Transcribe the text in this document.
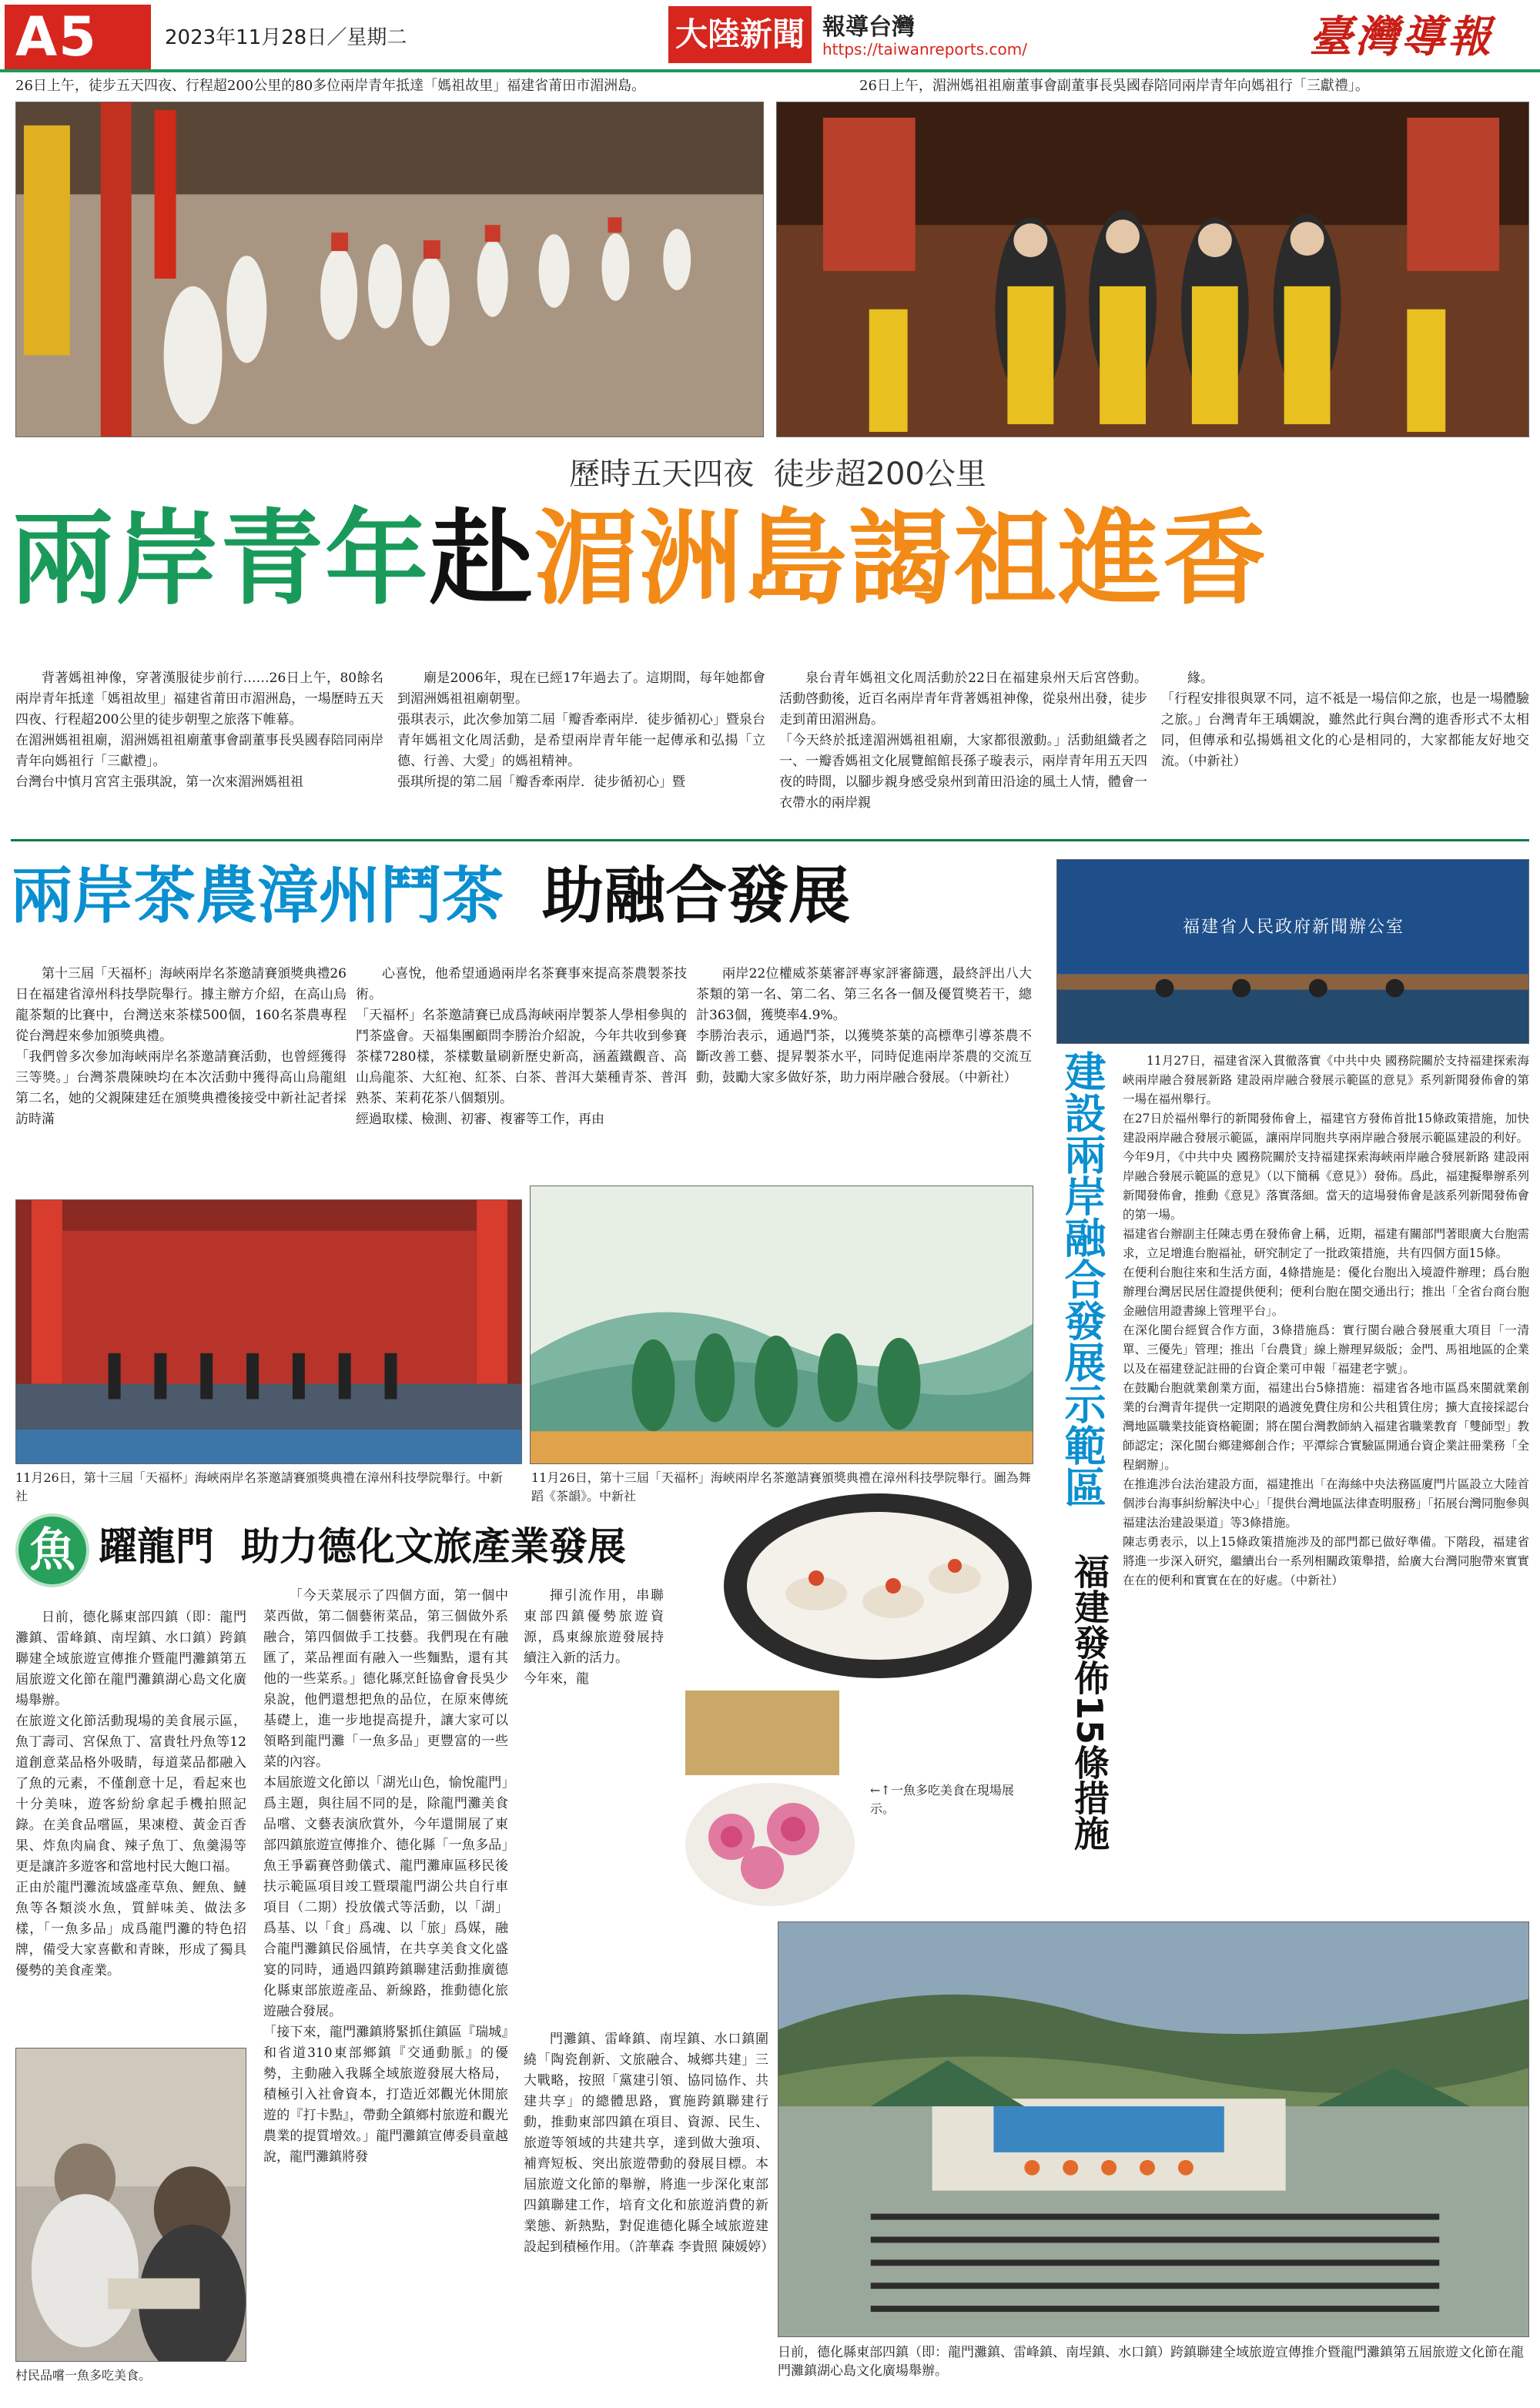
A5	2023年11月28日／星期二	大陸新聞 報導台灣
https://taiwanreports.com/	臺灣導報
26日上午，徒步五天四夜、行程超200公里的80多位兩岸青年抵達「媽祖故里」福建省莆田市湄洲島。	26日上午，湄洲媽祖祖廟董事會副董事長吳國春陪同兩岸青年向媽祖行「三獻禮」。
歷時五天四夜  徒步超200公里
兩岸青年赴湄洲島謁祖進香
背著媽祖神像，穿著漢服徒步前行……26日上午，80餘名兩岸青年抵達「媽祖故里」福建省莆田市湄洲島，一場歷時五天四夜、行程超200公里的徒步朝聖之旅落下帷幕。
在湄洲媽祖祖廟，湄洲媽祖祖廟董事會副董事長吳國春陪同兩岸青年向媽祖行「三獻禮」。
台灣台中慎月宮宮主張琪說，第一次來湄洲媽祖祖
廟是2006年，現在已經17年過去了。這期間，每年她都會到湄洲媽祖祖廟朝聖。
張琪表示，此次參加第二屆「瓣香牽兩岸．徒步循初心」暨泉台青年媽祖文化周活動，是希望兩岸青年能一起傳承和弘揚「立德、行善、大愛」的媽祖精神。
張琪所提的第二屆「瓣香牽兩岸．徒步循初心」暨
泉台青年媽祖文化周活動於22日在福建泉州天后宮啓動。活動啓動後，近百名兩岸青年背著媽祖神像，從泉州出發，徒步走到莆田湄洲島。
「今天終於抵達湄洲媽祖祖廟，大家都很激動。」活動組織者之一、一瓣香媽祖文化展覽館館長孫子璇表示，兩岸青年用五天四夜的時間，以腳步親身感受泉州到莆田沿途的風土人情，體會一衣帶水的兩岸親
緣。
「行程安排很與眾不同，這不祗是一場信仰之旅，也是一場體驗之旅。」台灣青年王瑀嫻說，雖然此行與台灣的進香形式不太相同，但傳承和弘揚媽祖文化的心是相同的，大家都能友好地交流。（中新社）
兩岸茶農漳州鬥茶 助融合發展
第十三屆「天福杯」海峽兩岸名茶邀請賽頒獎典禮26日在福建省漳州科技學院舉行。據主辦方介紹，在高山烏龍茶類的比賽中，台灣送來茶樣500個，160名茶農專程從台灣趕來參加頒獎典禮。
「我們曾多次參加海峽兩岸名茶邀請賽活動，也曾經獲得三等獎。」台灣茶農陳映均在本次活動中獲得高山烏龍組第二名，她的父親陳建廷在頒獎典禮後接受中新社記者採訪時滿
心喜悅，他希望通過兩岸名茶賽事來提高茶農製茶技術。
「天福杯」名茶邀請賽已成爲海峽兩岸製茶人學相參與的鬥茶盛會。天福集團顧問李勝治介紹說，今年共收到參賽茶樣7280樣，茶樣數量刷新歷史新高，涵蓋鐵觀音、高山烏龍茶、大紅袍、紅茶、白茶、普洱大葉種青茶、普洱熟茶、茉莉花茶八個類別。
經過取樣、檢測、初審、複審等工作，再由
兩岸22位權威茶葉審評專家評審篩選，最終評出八大茶類的第一名、第二名、第三名各一個及優質獎若干，總計363個，獲獎率4.9%。
李勝治表示，通過鬥茶，以獲獎茶葉的高標準引導茶農不斷改善工藝、提昇製茶水平，同時促進兩岸茶農的交流互動，鼓勵大家多做好茶，助力兩岸融合發展。（中新社）
福建省人民政府新聞辦公室
建設兩岸融合發展示範區
福建發佈15條措施
11月27日，福建省深入貫徹落實《中共中央 國務院關於支持福建探索海峽兩岸融合發展新路 建設兩岸融合發展示範區的意見》系列新聞發佈會的第一場在福州舉行。
在27日於福州舉行的新聞發佈會上，福建官方發佈首批15條政策措施，加快建設兩岸融合發展示範區，讓兩岸同胞共享兩岸融合發展示範區建設的利好。
今年9月，《中共中央 國務院關於支持福建探索海峽兩岸融合發展新路 建設兩岸融合發展示範區的意見》（以下簡稱《意見》）發佈。爲此，福建擬舉辦系列新聞發佈會，推動《意見》落實落細。當天的這場發佈會是該系列新聞發佈會的第一場。
福建省台辦副主任陳志勇在發佈會上稱，近期，福建有關部門著眼廣大台胞需求，立足增進台胞福祉，研究制定了一批政策措施，共有四個方面15條。
在便利台胞往來和生活方面，4條措施是：優化台胞出入境證件辦理；爲台胞辦理台灣居民居住證提供便利；便利台胞在閩交通出行；推出「全省台商台胞金融信用證書線上管理平台」。
在深化閩台經貿合作方面，3條措施爲：實行閩台融合發展重大項目「一清單、三優先」管理；推出「台農貸」線上辦理昇級版；金門、馬祖地區的企業以及在福建登記註冊的台資企業可申報「福建老字號」。
在鼓勵台胞就業創業方面，福建出台5條措施：福建省各地市區爲來閩就業創業的台灣青年提供一定期限的過渡免費住房和公共租賃住房；擴大直接採認台灣地區職業技能資格範圍；將在閩台灣教師納入福建省職業教育「雙師型」教師認定；深化閩台鄉建鄉創合作；平潭綜合實驗區開通台資企業註冊業務「全程網辦」。
在推進涉台法治建設方面，福建推出「在海絲中央法務區廈門片區設立大陸首個涉台海事糾紛解決中心」「提供台灣地區法律查明服務」「拓展台灣同胞參與福建法治建設渠道」等3條措施。
陳志勇表示，以上15條政策措施涉及的部門都已做好準備。下階段，福建省將進一步深入研究，繼續出台一系列相關政策舉措，給廣大台灣同胞帶來實實在在的便利和實實在在的好處。（中新社）
11月26日，第十三屆「天福杯」海峽兩岸名茶邀請賽頒獎典禮在漳州科技學院舉行。中新社
11月26日，第十三屆「天福杯」海峽兩岸名茶邀請賽頒獎典禮在漳州科技學院舉行。圖為舞蹈《茶韻》。中新社
魚 躍龍門  助力德化文旅產業發展
日前，德化縣東部四鎮（即：龍門灘鎮、雷峰鎮、南埕鎮、水口鎮）跨鎮聯建全域旅遊宣傳推介暨龍門灘鎮第五屆旅遊文化節在龍門灘鎮湖心島文化廣場舉辦。
在旅遊文化節活動現場的美食展示區，魚丁壽司、宮保魚丁、富貴牡丹魚等12道創意菜品格外吸睛，每道菜品都融入了魚的元素，不僅創意十足，看起來也十分美味，遊客紛紛拿起手機拍照記錄。在美食品嚐區，果凍橙、黃金百香果、炸魚肉扁食、辣子魚丁、魚羹湯等更是讓許多遊客和當地村民大飽口福。
正由於龍門灘流域盛產草魚、鯉魚、鰱魚等各類淡水魚，質鮮味美、做法多樣，「一魚多品」成爲龍門灘的特色招牌，備受大家喜歡和青睞，形成了獨具優勢的美食產業。
「今天菜展示了四個方面，第一個中菜西做，第二個藝術菜品，第三個做外系融合，第四個做手工技藝。我們現在有融匯了，菜品裡面有融入一些麵點，還有其他的一些菜系。」德化縣烹飪協會會長吳少泉說，他們還想把魚的品位，在原來傳統基礎上，進一步地提高提升，讓大家可以領略到龍門灘「一魚多品」更豐富的一些菜的內容。
本屆旅遊文化節以「湖光山色，愉悅龍門」爲主題，與往屆不同的是，除龍門灘美食品嚐、文藝表演欣賞外，今年還開展了東部四鎮旅遊宣傳推介、德化縣「一魚多品」魚王爭霸賽啓動儀式、龍門灘庫區移民後扶示範區項目竣工暨環龍門湖公共自行車項目（二期）投放儀式等活動，以「湖」爲基、以「食」爲魂、以「旅」爲媒，融合龍門灘鎮民俗風情，在共享美食文化盛宴的同時，通過四鎮跨鎮聯建活動推廣德化縣東部旅遊產品、新線路，推動德化旅遊融合發展。
「接下來，龍門灘鎮將緊抓住鎮區『瑞城』和省道310東部鄉鎮『交通動脈』的優勢，主動融入我縣全域旅遊發展大格局，積極引入社會資本，打造近郊觀光休閒旅遊的『打卡點』，帶動全鎮鄉村旅遊和觀光農業的提質增效。」龍門灘鎮宣傳委員童越說，龍門灘鎮將發
揮引流作用，串聯東部四鎮優勢旅遊資源，爲東線旅遊發展持續注入新的活力。
今年來，龍
門灘鎮、雷峰鎮、南埕鎮、水口鎮圍繞「陶瓷創新、文旅融合、城鄉共建」三大戰略，按照「黨建引領、協同協作、共建共享」的總體思路，實施跨鎮聯建行動，推動東部四鎮在項目、資源、民生、旅遊等領域的共建共享，達到做大強項、補齊短板、突出旅遊帶動的發展目標。本屆旅遊文化節的舉辦，將進一步深化東部四鎮聯建工作，培育文化和旅遊消費的新業態、新熱點，對促進德化縣全域旅遊建設起到積極作用。（許華森 李貴照 陳媛婷）
←↑一魚多吃美食在現場展示。
村民品嚐一魚多吃美食。
日前，德化縣東部四鎮（即：龍門灘鎮、雷峰鎮、南埕鎮、水口鎮）跨鎮聯建全域旅遊宣傳推介暨龍門灘鎮第五屆旅遊文化節在龍門灘鎮湖心島文化廣場舉辦。
